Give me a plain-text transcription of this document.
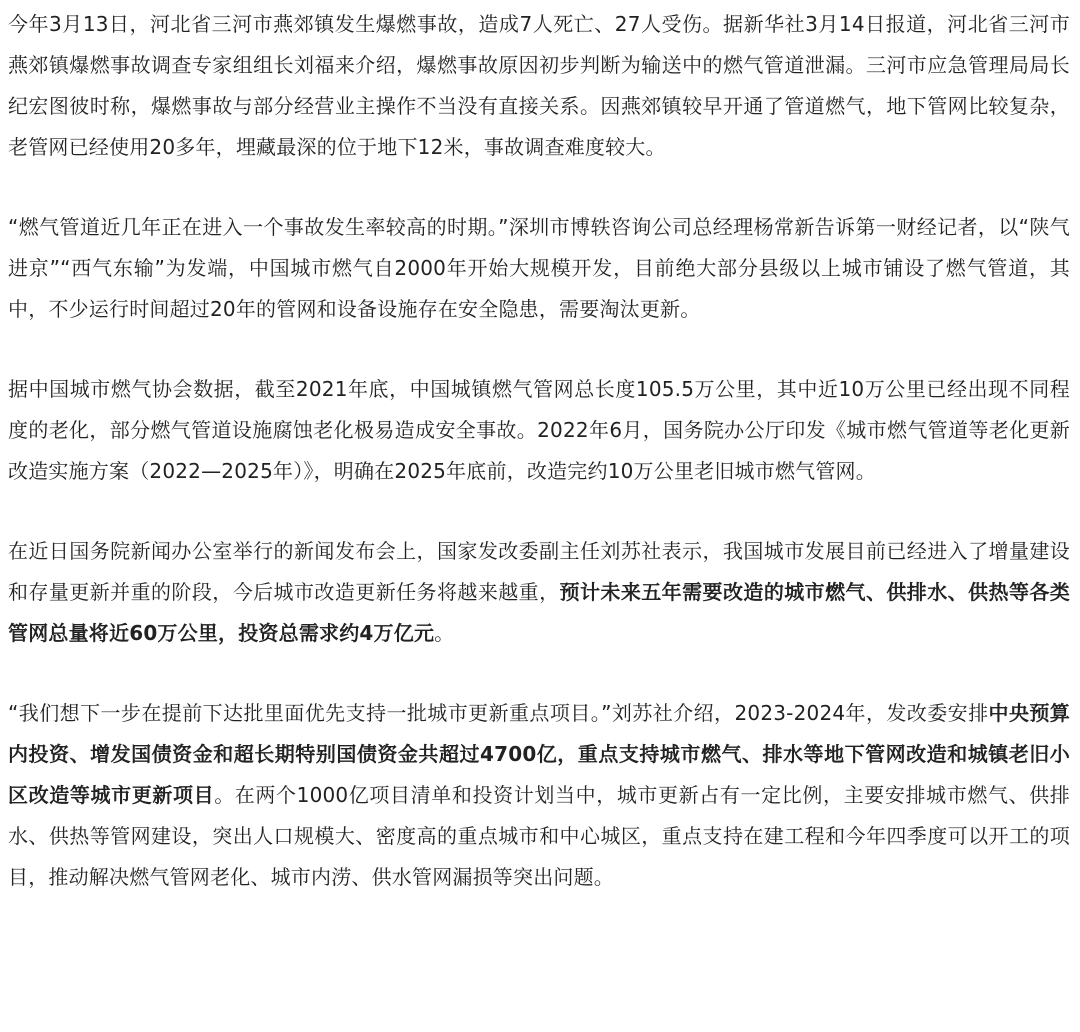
今年3月13日，河北省三河市燕郊镇发生爆燃事故，造成7人死亡、27人受伤。据新华社3月14日报道，河北省三河市燕郊镇爆燃事故调查专家组组长刘福来介绍，爆燃事故原因初步判断为输送中的燃气管道泄漏。三河市应急管理局局长纪宏图彼时称，爆燃事故与部分经营业主操作不当没有直接关系。因燕郊镇较早开通了管道燃气，地下管网比较复杂，老管网已经使用20多年，埋藏最深的位于地下12米，事故调查难度较大。

“燃气管道近几年正在进入一个事故发生率较高的时期。”深圳市博轶咨询公司总经理杨常新告诉第一财经记者，以“陕气进京”“西气东输”为发端，中国城市燃气自2000年开始大规模开发，目前绝大部分县级以上城市铺设了燃气管道，其中，不少运行时间超过20年的管网和设备设施存在安全隐患，需要淘汰更新。

据中国城市燃气协会数据，截至2021年底，中国城镇燃气管网总长度105.5万公里，其中近10万公里已经出现不同程度的老化，部分燃气管道设施腐蚀老化极易造成安全事故。2022年6月，国务院办公厅印发《城市燃气管道等老化更新改造实施方案（2022—2025年）》，明确在2025年底前，改造完约10万公里老旧城市燃气管网。

在近日国务院新闻办公室举行的新闻发布会上，国家发改委副主任刘苏社表示，我国城市发展目前已经进入了增量建设和存量更新并重的阶段，今后城市改造更新任务将越来越重，预计未来五年需要改造的城市燃气、供排水、供热等各类管网总量将近60万公里，投资总需求约4万亿元。

“我们想下一步在提前下达批里面优先支持一批城市更新重点项目。”刘苏社介绍，2023-2024年，发改委安排中央预算内投资、增发国债资金和超长期特别国债资金共超过4700亿，重点支持城市燃气、排水等地下管网改造和城镇老旧小区改造等城市更新项目。在两个1000亿项目清单和投资计划当中，城市更新占有一定比例，主要安排城市燃气、供排水、供热等管网建设，突出人口规模大、密度高的重点城市和中心城区，重点支持在建工程和今年四季度可以开工的项目，推动解决燃气管网老化、城市内涝、供水管网漏损等突出问题。
